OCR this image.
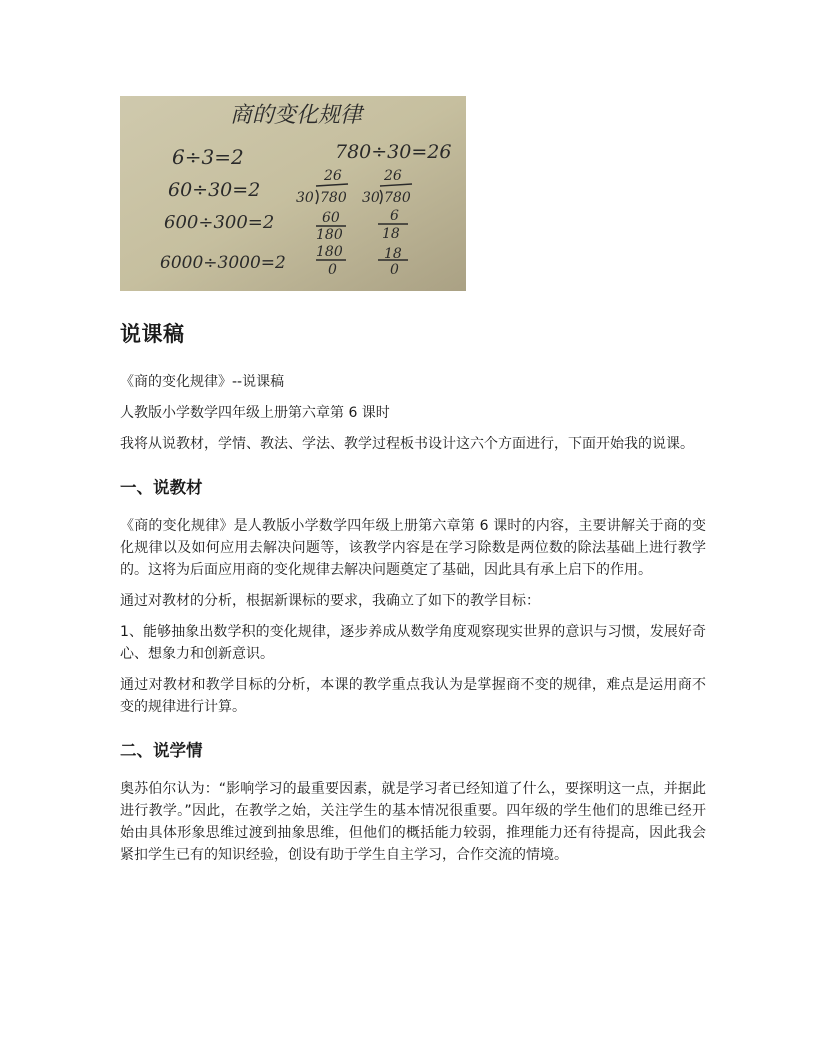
商的变化规律
6÷3=2
60÷30=2
600÷300=2
6000÷3000=2
780÷30=26
26
30 780
60
180
180
0
26
30 780
6
18
18
0
说课稿

《商的变化规律》--说课稿

人教版小学数学四年级上册第六章第 6 课时

我将从说教材，学情、教法、学法、教学过程板书设计这六个方面进行，下面开始我的说课。

一、说教材

《商的变化规律》是人教版小学数学四年级上册第六章第 6 课时的内容，主要讲解关于商的变化规律以及如何应用去解决问题等，该教学内容是在学习除数是两位数的除法基础上进行教学的。这将为后面应用商的变化规律去解决问题奠定了基础，因此具有承上启下的作用。

通过对教材的分析，根据新课标的要求，我确立了如下的教学目标：

1、能够抽象出数学积的变化规律，逐步养成从数学角度观察现实世界的意识与习惯，发展好奇心、想象力和创新意识。

通过对教材和教学目标的分析，本课的教学重点我认为是掌握商不变的规律，难点是运用商不变的规律进行计算。

二、说学情

奥苏伯尔认为：“影响学习的最重要因素，就是学习者已经知道了什么，要探明这一点，并据此进行教学。”因此，在教学之始，关注学生的基本情况很重要。四年级的学生他们的思维已经开始由具体形象思维过渡到抽象思维，但他们的概括能力较弱，推理能力还有待提高，因此我会紧扣学生已有的知识经验，创设有助于学生自主学习，合作交流的情境。
